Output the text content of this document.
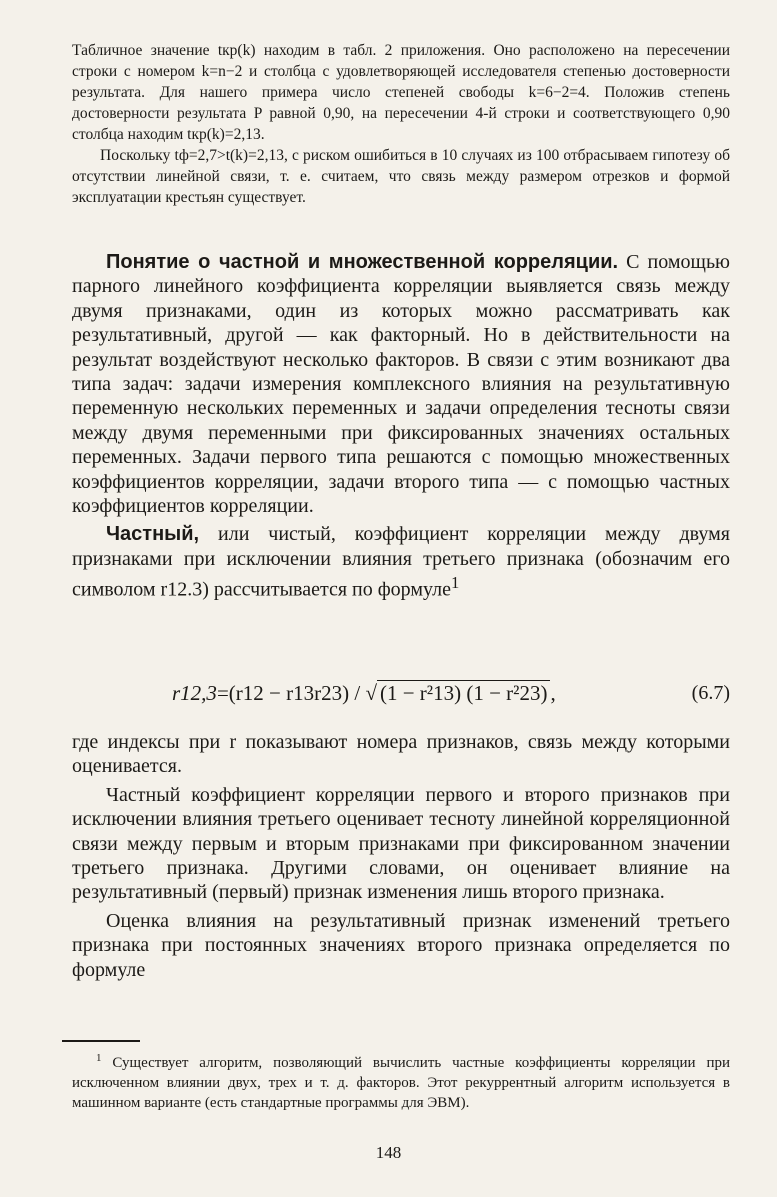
Табличное значение tкр(k) находим в табл. 2 приложения. Оно расположено на пересечении строки с номером k=n−2 и столбца с удовлетворяющей исследователя степенью достоверности результата. Для нашего примера число степеней свободы k=6−2=4. Положив степень достоверности результата P равной 0,90, на пересечении 4-й строки и соответствующего 0,90 столбца находим tкр(k)=2,13.

Поскольку tф=2,7>t(k)=2,13, с риском ошибиться в 10 случаях из 100 отбрасываем гипотезу об отсутствии линейной связи, т. е. считаем, что связь между размером отрезков и формой эксплуатации крестьян существует.

Понятие о частной и множественной корреляции. С помощью парного линейного коэффициента корреляции выявляется связь между двумя признаками, один из которых можно рассматривать как результативный, другой — как факторный. Но в действительности на результат воздействуют несколько факторов. В связи с этим возникают два типа задач: задачи измерения комплексного влияния на результативную переменную нескольких переменных и задачи определения тесноты связи между двумя переменными при фиксированных значениях остальных переменных. Задачи первого типа решаются с помощью множественных коэффициентов корреляции, задачи второго типа — с помощью частных коэффициентов корреляции.

Частный, или чистый, коэффициент корреляции между двумя признаками при исключении влияния третьего признака (обозначим его символом r12.3) рассчитывается по формуле$^1$

r12,3=(r12 − r13r23) / √ (1 − r²13) (1 − r²23) ,	(6.7)

где индексы при r показывают номера признаков, связь между которыми оценивается.

Частный коэффициент корреляции первого и второго признаков при исключении влияния третьего оценивает тесноту линейной корреляционной связи между первым и вторым признаками при фиксированном значении третьего признака. Другими словами, он оценивает влияние на результативный (первый) признак изменения лишь второго признака.

Оценка влияния на результативный признак изменений третьего признака при постоянных значениях второго признака определяется по формуле

$^1$ Существует алгоритм, позволяющий вычислить частные коэффициенты корреляции при исключенном влиянии двух, трех и т. д. факторов. Этот рекуррентный алгоритм используется в машинном варианте (есть стандартные программы для ЭВМ).

148
